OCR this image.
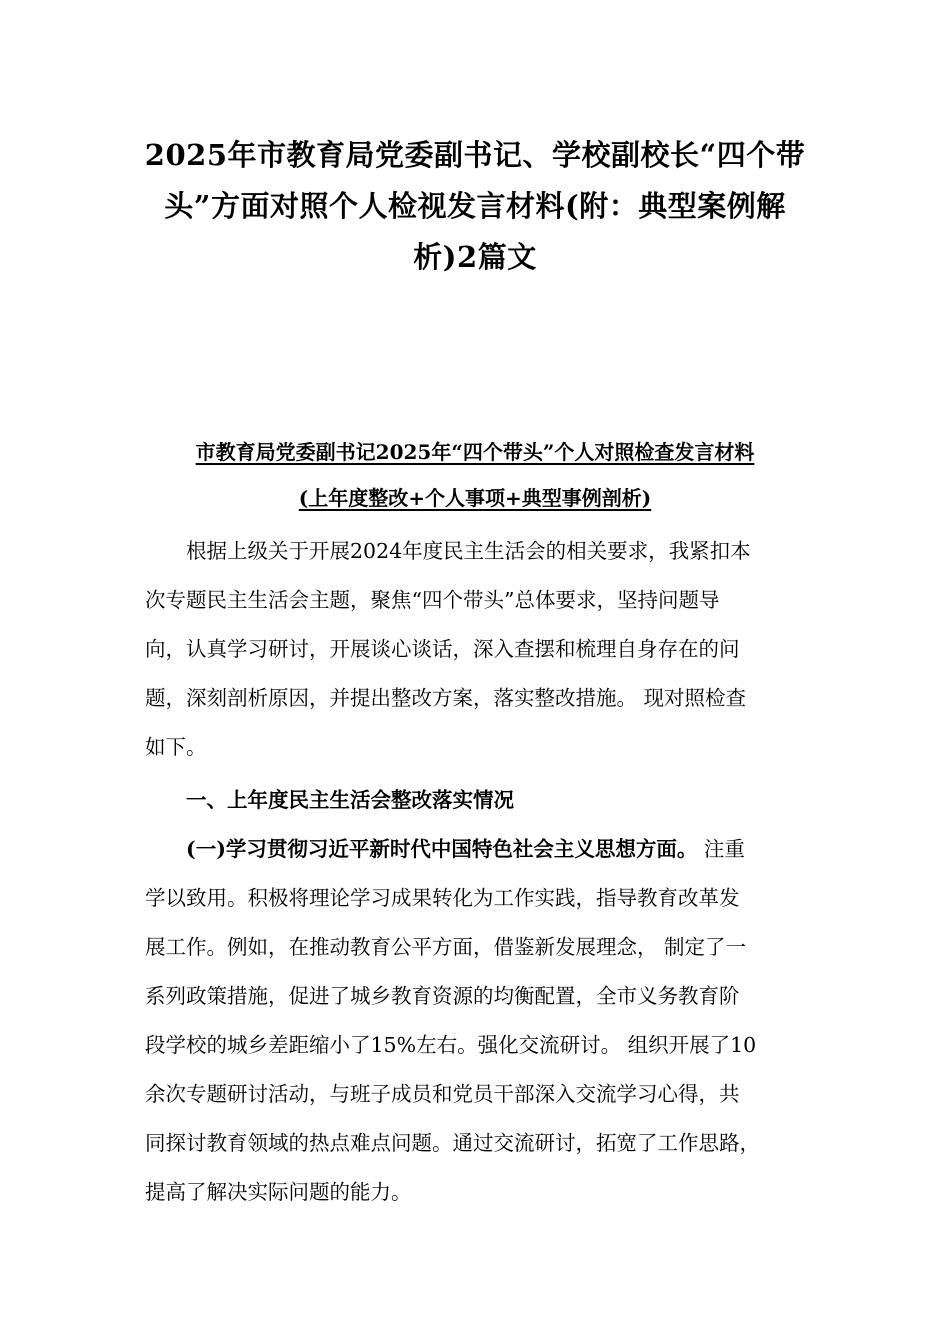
2025年市教育局党委副书记、学校副校长“四个带
头”方面对照个人检视发言材料(附：典型案例解
析)2篇文

市教育局党委副书记2025年“四个带头”个人对照检查发言材料

(上年度整改+个人事项+典型事例剖析)

根据上级关于开展2024年度民主生活会的相关要求，我紧扣本
次专题民主生活会主题，聚焦“四个带头”总体要求，坚持问题导
向，认真学习研讨，开展谈心谈话，深入查摆和梳理自身存在的问
题，深刻剖析原因，并提出整改方案，落实整改措施。 现对照检查
如下。

一、上年度民主生活会整改落实情况

(一)学习贯彻习近平新时代中国特色社会主义思想方面。 注重
学以致用。积极将理论学习成果转化为工作实践，指导教育改革发
展工作。例如，在推动教育公平方面，借鉴新发展理念， 制定了一
系列政策措施，促进了城乡教育资源的均衡配置，全市义务教育阶
段学校的城乡差距缩小了15%左右。强化交流研讨。 组织开展了10
余次专题研讨活动，与班子成员和党员干部深入交流学习心得，共
同探讨教育领域的热点难点问题。通过交流研讨，拓宽了工作思路，
提高了解决实际问题的能力。
